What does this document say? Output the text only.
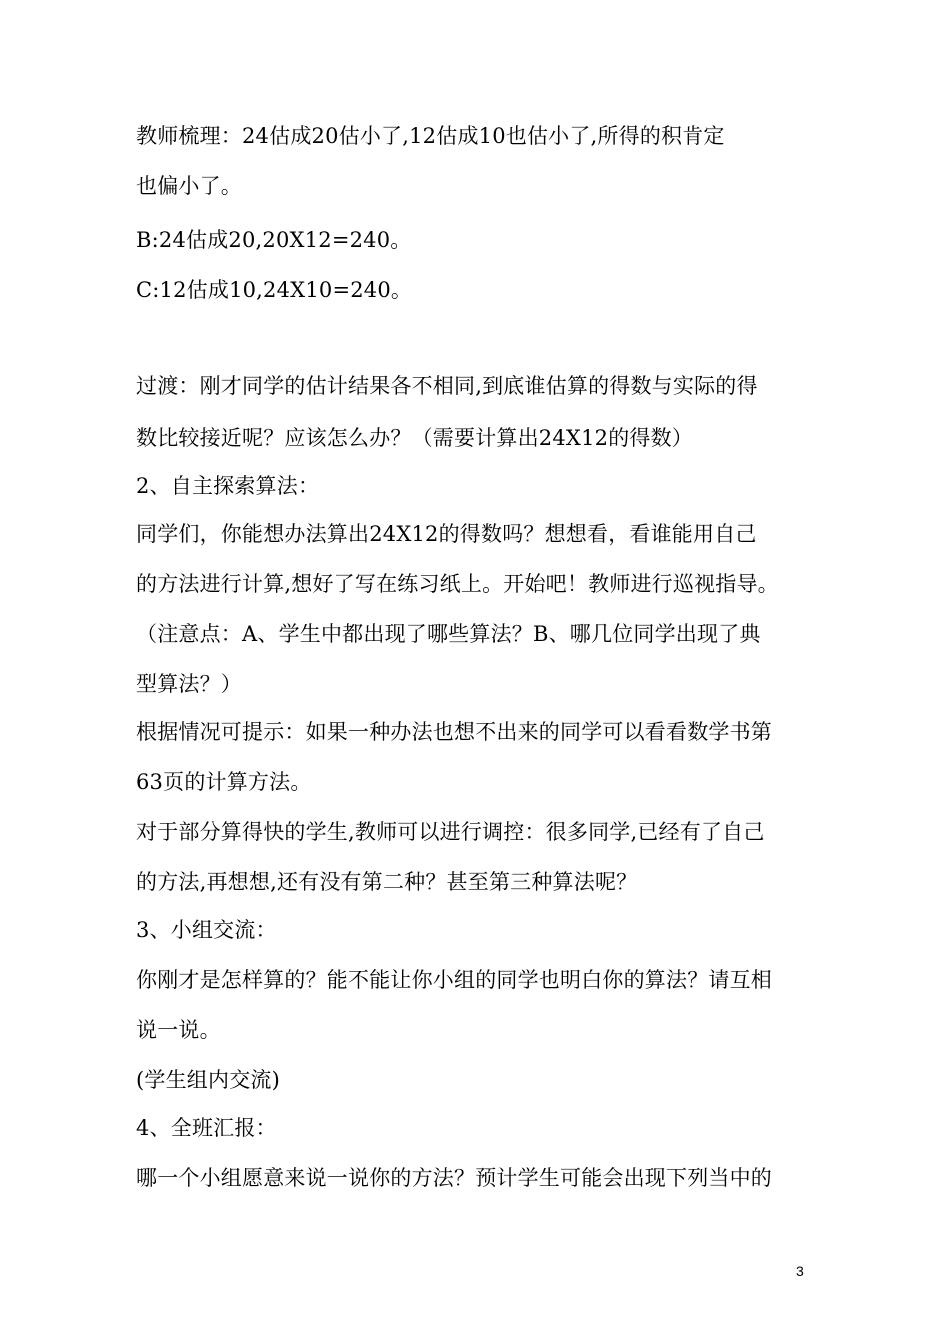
教师梳理：24估成20估小了,12估成10也估小了,所得的积肯定
也偏小了。
B:24估成20,20X12=240。
C:12估成10,24X10=240。
过渡：刚才同学的估计结果各不相同,到底谁估算的得数与实际的得
数比较接近呢？应该怎么办？（需要计算出24X12的得数）
2、自主探索算法：
同学们，你能想办法算出24X12的得数吗？想想看，看谁能用自己
的方法进行计算,想好了写在练习纸上。开始吧！教师进行巡视指导。
（注意点：A、学生中都出现了哪些算法？B、哪几位同学出现了典
型算法？）
根据情况可提示：如果一种办法也想不出来的同学可以看看数学书第
63页的计算方法。
对于部分算得快的学生,教师可以进行调控：很多同学,已经有了自己
的方法,再想想,还有没有第二种？甚至第三种算法呢？
3、小组交流：
你刚才是怎样算的？能不能让你小组的同学也明白你的算法？请互相
说一说。
(学生组内交流)
4、全班汇报：
哪一个小组愿意来说一说你的方法？预计学生可能会出现下列当中的
3
